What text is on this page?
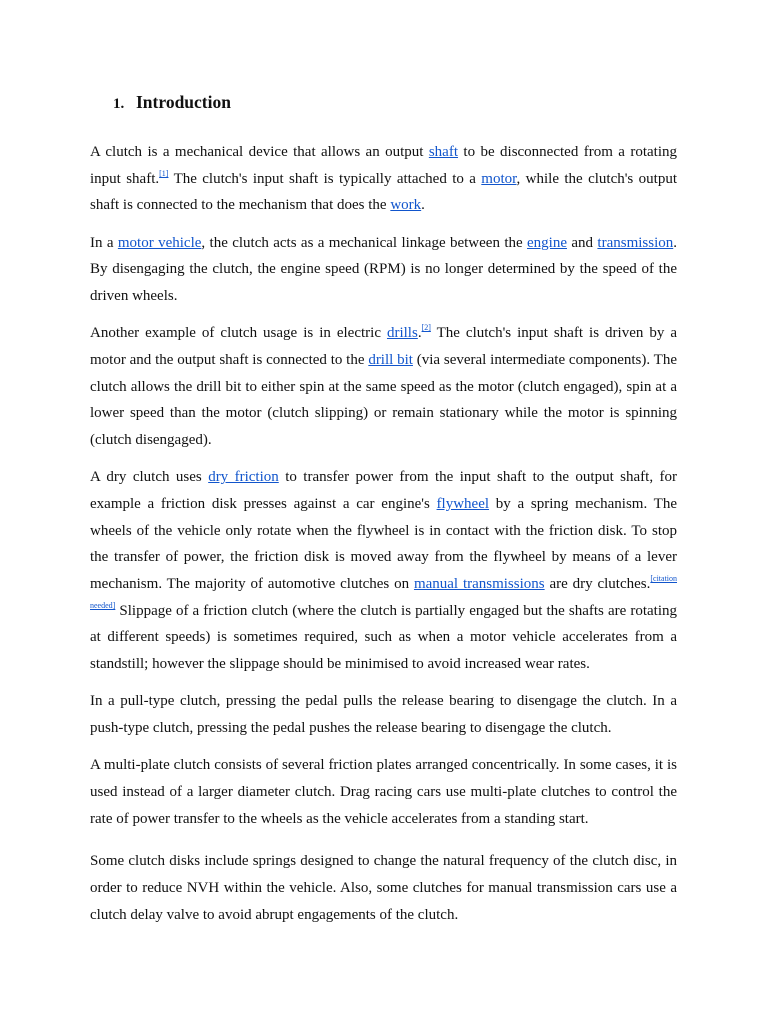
1. Introduction

A clutch is a mechanical device that allows an output shaft to be disconnected from a rotating input shaft.[1] The clutch's input shaft is typically attached to a motor, while the clutch's output shaft is connected to the mechanism that does the work.

In a motor vehicle, the clutch acts as a mechanical linkage between the engine and transmission. By disengaging the clutch, the engine speed (RPM) is no longer determined by the speed of the driven wheels.

Another example of clutch usage is in electric drills.[2] The clutch's input shaft is driven by a motor and the output shaft is connected to the drill bit (via several intermediate components). The clutch allows the drill bit to either spin at the same speed as the motor (clutch engaged), spin at a lower speed than the motor (clutch slipping) or remain stationary while the motor is spinning (clutch disengaged).

A dry clutch uses dry friction to transfer power from the input shaft to the output shaft, for example a friction disk presses against a car engine's flywheel by a spring mechanism. The wheels of the vehicle only rotate when the flywheel is in contact with the friction disk. To stop the transfer of power, the friction disk is moved away from the flywheel by means of a lever mechanism. The majority of automotive clutches on manual transmissions are dry clutches.[citation needed] Slippage of a friction clutch (where the clutch is partially engaged but the shafts are rotating at different speeds) is sometimes required, such as when a motor vehicle accelerates from a standstill; however the slippage should be minimised to avoid increased wear rates.

In a pull-type clutch, pressing the pedal pulls the release bearing to disengage the clutch. In a push-type clutch, pressing the pedal pushes the release bearing to disengage the clutch.

A multi-plate clutch consists of several friction plates arranged concentrically. In some cases, it is used instead of a larger diameter clutch. Drag racing cars use multi-plate clutches to control the rate of power transfer to the wheels as the vehicle accelerates from a standing start.

Some clutch disks include springs designed to change the natural frequency of the clutch disc, in order to reduce NVH within the vehicle. Also, some clutches for manual transmission cars use a clutch delay valve to avoid abrupt engagements of the clutch.
